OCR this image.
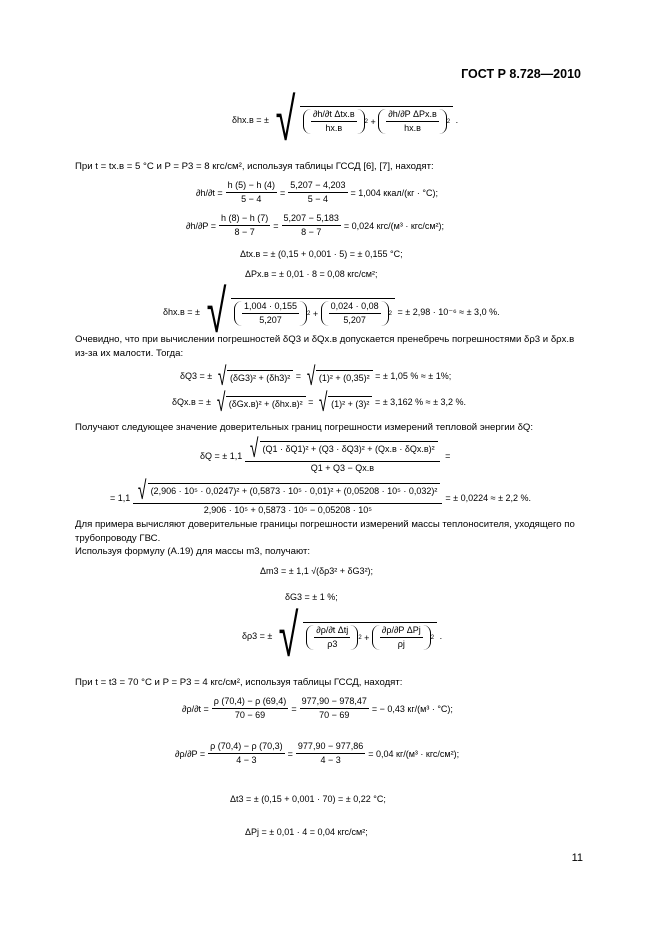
ГОСТ Р 8.728—2010
δhх.в = ± √ $\frac{\text{∂h/∂t Δtх.в}}{hх.в} 2 + \frac{\text{∂h/∂P ΔPх.в}}{hх.в} 2$ .
При t = tх.в = 5 °С и P = P3 = 8 кгс/см², используя таблицы ГССД [6], [7], находят:
$\partial h/\partial t = \frac{h (5) - h (4)}{5 - 4} = \frac{5,207 - 4,203}{5 - 4} = 1,004$ ккал/(кг · °С);
$\partial h/\partial P = \frac{h (8) - h (7)}{8 - 7} = \frac{5,207 - 5,183}{8 - 7} = 0,024$ кгс/(м³ · кгс/см²);
Δtх.в = ± (0,15 + 0,001 · 5) = ± 0,155 °С;
ΔPх.в = ± 0,01 · 8 = 0,08 кгс/см²;
δhх.в = ± √ $\frac{1,004 \cdot 0,155}{5,207} 2 + \frac{0,024 \cdot 0,08}{5,207} 2$
= ± 2,98 · 10⁻⁶ ≈ ± 3,0 %.
Очевидно, что при вычислении погрешностей δQ3 и δQх.в допускается пренебречь погрешностями δρ3 и δρх.в из-за их малости. Тогда:
δQ3 = ±
√ (δG3)² + (δh3)² = √ (1)² + (0,35)²
= ± 1,05 % ≈ ± 1%;
δQх.в = ±
√ (δGх.в)² + (δhх.в)² = √ (1)² + (3)²
= ± 3,162 % ≈ ± 3,2 %.
Получают следующее значение доверительных границ погрешности измерений тепловой энергии δQ:
δQ = ± $1,1 \frac{\text{√ (Q1 · δQ1)² + (Q3 · δQ3)² + (Qх.в · δQх.в)²}}{Q1 + Q3 - Qх.в}$ =
= 1,1 √ (2,906 · 10⁵ · 0,0247)² + (0,5873 · 10⁵ · 0,01)² + (0,05208 · 10⁵ · 0,032)²
2,906 · 10⁵ + 0,5873 · 10⁵ − 0,05208 · 10⁵
= ± 0,0224 ≈ ± 2,2 %.
Для примера вычисляют доверительные границы погрешности измерений массы теплоносителя, уходящего по трубопроводу ГВС.
Используя формулу (А.19) для массы m3, получают:
Δm3 = ± 1,1 √(δρ3² + δG3²);
δG3 = ± 1 %;
δρ3 = ± √ $\frac{\text{∂ρ/∂t Δtj}}{\rho 3} 2 + \frac{\text{∂ρ/∂P ΔPj}}{\rho j} 2$ .
При t = t3 = 70 °С и P = P3 = 4 кгс/см², используя таблицы ГССД, находят:
$\partial\rho/\partial t = \frac{\rho (70,4) - \rho (69,4)}{70 - 69} = \frac{977,90 - 978,47}{70 - 69}$ = − 0,43 кг/(м³ · °С);
$\partial\rho/\partial P = \frac{\rho (70,4) - \rho (70,3)}{4 - 3} = \frac{977,90 - 977,86}{4 - 3} = 0,04$ кг/(м³ · кгс/см²);
Δt3 = ± (0,15 + 0,001 · 70) = ± 0,22 °С;
ΔPj = ± 0,01 · 4 = 0,04 кгс/см²;
11
